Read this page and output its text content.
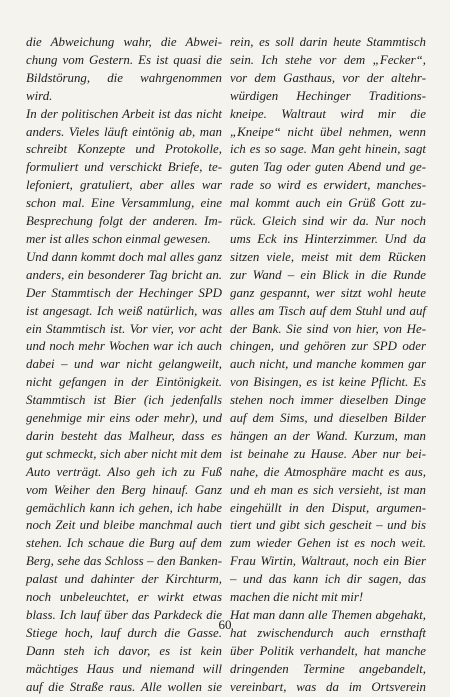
die Abweichung wahr, die Abwei-
chung vom Gestern. Es ist quasi die
Bildstörung, die wahrgenommen
wird.
In der politischen Arbeit ist das nicht
anders. Vieles läuft eintönig ab, man
schreibt Konzepte und Protokolle,
formuliert und verschickt Briefe, te-
lefoniert, gratuliert, aber alles war
schon mal. Eine Versammlung, eine
Besprechung folgt der anderen. Im-
mer ist alles schon einmal gewesen.
Und dann kommt doch mal alles ganz
anders, ein besonderer Tag bricht an.
Der Stammtisch der Hechinger SPD
ist angesagt. Ich weiß natürlich, was
ein Stammtisch ist. Vor vier, vor acht
und noch mehr Wochen war ich auch
dabei – und war nicht gelangweilt,
nicht gefangen in der Eintönigkeit.
Stammtisch ist Bier (ich jedenfalls
genehmige mir eins oder mehr), und
darin besteht das Malheur, dass es
gut schmeckt, sich aber nicht mit dem
Auto verträgt. Also geh ich zu Fuß
vom Weiher den Berg hinauf. Ganz
gemächlich kann ich gehen, ich habe
noch Zeit und bleibe manchmal auch
stehen. Ich schaue die Burg auf dem
Berg, sehe das Schloss – den Banken-
palast und dahinter der Kirchturm,
noch unbeleuchtet, er wirkt etwas
blass. Ich lauf über das Parkdeck die
Stiege hoch, lauf durch die Gasse.
Dann steh ich davor, es ist kein
mächtiges Haus und niemand will
auf die Straße raus. Alle wollen sie
rein, es soll darin heute Stammtisch
sein. Ich stehe vor dem „Fecker“,
vor dem Gasthaus, vor der altehr-
würdigen Hechinger Traditions-
kneipe. Waltraut wird mir die
„Kneipe“ nicht übel nehmen, wenn
ich es so sage. Man geht hinein, sagt
guten Tag oder guten Abend und ge-
rade so wird es erwidert, manches-
mal kommt auch ein Grüß Gott zu-
rück. Gleich sind wir da. Nur noch
ums Eck ins Hinterzimmer. Und da
sitzen viele, meist mit dem Rücken
zur Wand – ein Blick in die Runde
ganz gespannt, wer sitzt wohl heute
alles am Tisch auf dem Stuhl und auf
der Bank. Sie sind von hier, von He-
chingen, und gehören zur SPD oder
auch nicht, und manche kommen gar
von Bisingen, es ist keine Pflicht. Es
stehen noch immer dieselben Dinge
auf dem Sims, und dieselben Bilder
hängen an der Wand. Kurzum, man
ist beinahe zu Hause. Aber nur bei-
nahe, die Atmosphäre macht es aus,
und eh man es sich versieht, ist man
eingehüllt in den Disput, argumen-
tiert und gibt sich gescheit – und bis
zum wieder Gehen ist es noch weit.
Frau Wirtin, Waltraut, noch ein Bier
– und das kann ich dir sagen, das
machen die nicht mit mir!
Hat man dann alle Themen abgehakt,
hat zwischendurch auch ernsthaft
über Politik verhandelt, hat manche
dringenden Termine angebandelt,
vereinbart, was da im Ortsverein
60
